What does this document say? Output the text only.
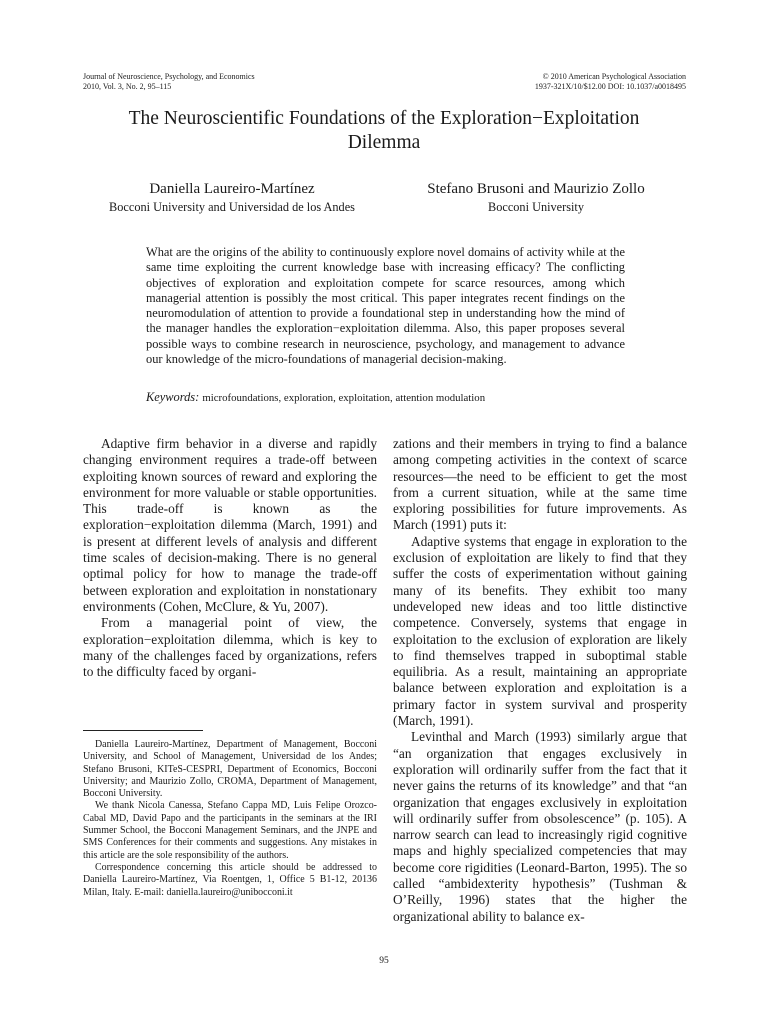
Journal of Neuroscience, Psychology, and Economics
2010, Vol. 3, No. 2, 95–115
© 2010 American Psychological Association
1937-321X/10/$12.00 DOI: 10.1037/a0018495
The Neuroscientific Foundations of the Exploration−Exploitation
Dilemma
Daniella Laureiro-Martínez
Bocconi University and Universidad de los Andes
Stefano Brusoni and Maurizio Zollo
Bocconi University
What are the origins of the ability to continuously explore novel domains of activity while at the same time exploiting the current knowledge base with increasing efficacy? The conflicting objectives of exploration and exploitation compete for scarce resources, among which managerial attention is possibly the most critical. This paper integrates recent findings on the neuromodulation of attention to provide a foundational step in understanding how the mind of the manager handles the exploration−exploitation dilemma. Also, this paper proposes several possible ways to combine research in neuroscience, psychology, and management to advance our knowledge of the micro-foundations of managerial decision-making.
Keywords: microfoundations, exploration, exploitation, attention modulation

Adaptive firm behavior in a diverse and rapidly changing environment requires a trade-off between exploiting known sources of reward and exploring the environment for more valuable or stable opportunities. This trade-off is known as the exploration−exploitation dilemma (March, 1991) and is present at different levels of analysis and different time scales of decision-making. There is no general optimal policy for how to manage the trade-off between exploration and exploitation in nonstationary environments (Cohen, McClure, & Yu, 2007).

From a managerial point of view, the exploration−exploitation dilemma, which is key to many of the challenges faced by organizations, refers to the difficulty faced by organi-

zations and their members in trying to find a balance among competing activities in the context of scarce resources—the need to be efficient to get the most from a current situation, while at the same time exploring possibilities for future improvements. As March (1991) puts it:

Adaptive systems that engage in exploration to the exclusion of exploitation are likely to find that they suffer the costs of experimentation without gaining many of its benefits. They exhibit too many undeveloped new ideas and too little distinctive competence. Conversely, systems that engage in exploitation to the exclusion of exploration are likely to find themselves trapped in suboptimal stable equilibria. As a result, maintaining an appropriate balance between exploration and exploitation is a primary factor in system survival and prosperity (March, 1991).

Levinthal and March (1993) similarly argue that “an organization that engages exclusively in exploration will ordinarily suffer from the fact that it never gains the returns of its knowledge” and that “an organization that engages exclusively in exploitation will ordinarily suffer from obsolescence” (p. 105). A narrow search can lead to increasingly rigid cognitive maps and highly specialized competencies that may become core rigidities (Leonard-Barton, 1995). The so called “ambidexterity hypothesis” (Tushman & O’Reilly, 1996) states that the higher the organizational ability to balance ex-

Daniella Laureiro-Martínez, Department of Management, Bocconi University, and School of Management, Universidad de los Andes; Stefano Brusoni, KITeS-CESPRI, Department of Economics, Bocconi University; and Maurizio Zollo, CROMA, Department of Management, Bocconi University.

We thank Nicola Canessa, Stefano Cappa MD, Luis Felipe Orozco-Cabal MD, David Papo and the participants in the seminars at the IRI Summer School, the Bocconi Management Seminars, and the JNPE and SMS Conferences for their comments and suggestions. Any mistakes in this article are the sole responsibility of the authors.

Correspondence concerning this article should be addressed to Daniella Laureiro-Martínez, Via Roentgen, 1, Office 5 B1-12, 20136 Milan, Italy. E-mail: daniella.laureiro@unibocconi.it

95
